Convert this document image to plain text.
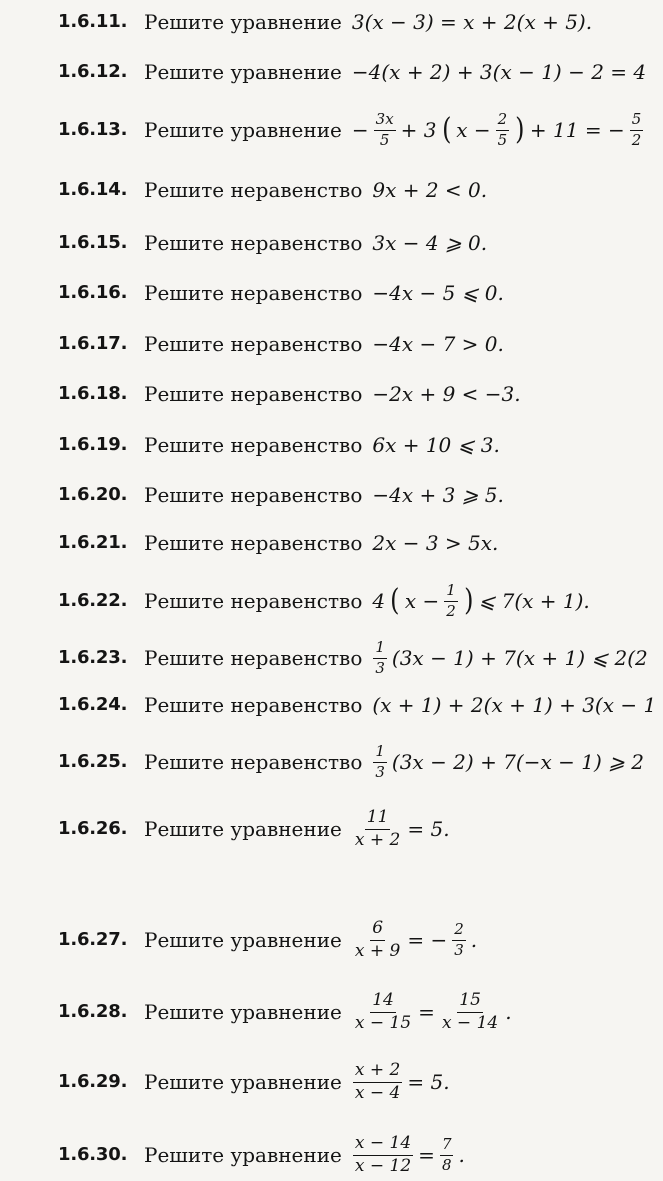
1.6.11. Решите уравнение 3(x − 3) = x + 2(x + 5).
1.6.12. Решите уравнение −4(x + 2) + 3(x − 1) − 2 = 4
1.6.13. Решите уравнение − $\frac{3x}{5} + 3$ ( $x - \frac{2}{5}$ ) + 11 = − $\frac{5}{2}$
1.6.14. Решите неравенство 9x + 2 < 0.
1.6.15. Решите неравенство 3x − 4 ⩾ 0.
1.6.16. Решите неравенство −4x − 5 ⩽ 0.
1.6.17. Решите неравенство −4x − 7 > 0.
1.6.18. Решите неравенство −2x + 9 < −3.
1.6.19. Решите неравенство 6x + 10 ⩽ 3.
1.6.20. Решите неравенство −4x + 3 ⩾ 5.
1.6.21. Решите неравенство 2x − 3 > 5x.
1.6.22. Решите неравенство 4 ( $x - \frac{1}{2}$ ) ⩽ 7(x + 1).
1.6.23. Решите неравенство $\frac{1}{3} (3x - 1) + 7(x + 1)$ ⩽ 2(2
1.6.24. Решите неравенство (x + 1) + 2(x + 1) + 3(x − 1
1.6.25. Решите неравенство $\frac{1}{3} (3x - 2) + 7(-x - 1)$ ⩾ 2
1.6.26. Решите уравнение $\frac{11}{x + 2} = 5$.
1.6.27. Решите уравнение $\frac{6}{x + 9}$ = − $\frac{2}{3}$ .
1.6.28. Решите уравнение $\frac{14}{x - 15} = \frac{15}{x - 14}$ .
1.6.29. Решите уравнение $\frac{x + 2}{x - 4} = 5$.
1.6.30. Решите уравнение $\frac{x - 14}{x - 12} = \frac{7}{8}$ .
